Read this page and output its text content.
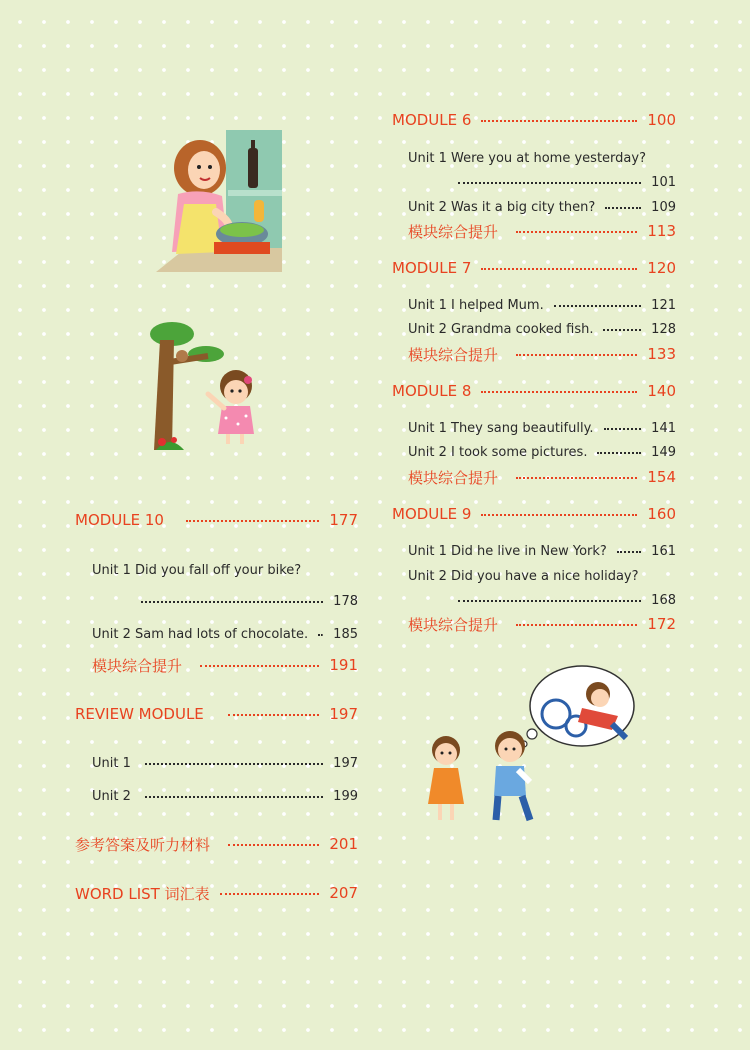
MODULE 6	100
Unit 1 Were you at home yesterday?
101
Unit 2 Was it a big city then?	109
模块综合提升	113
MODULE 7	120
Unit 1 I helped Mum.	121
Unit 2 Grandma cooked fish.	128
模块综合提升	133
MODULE 8	140
Unit 1 They sang beautifully.	141
Unit 2 I took some pictures.	149
模块综合提升	154
MODULE 9	160
Unit 1 Did he live in New York?	161
Unit 2 Did you have a nice holiday?
168
模块综合提升	172
MODULE 10	177
Unit 1 Did you fall off your bike?
178
Unit 2 Sam had lots of chocolate. 185
模块综合提升	191
REVIEW MODULE	197
Unit 1	197
Unit 2	199
参考答案及听力材料	201
WORD LIST 词汇表	207
